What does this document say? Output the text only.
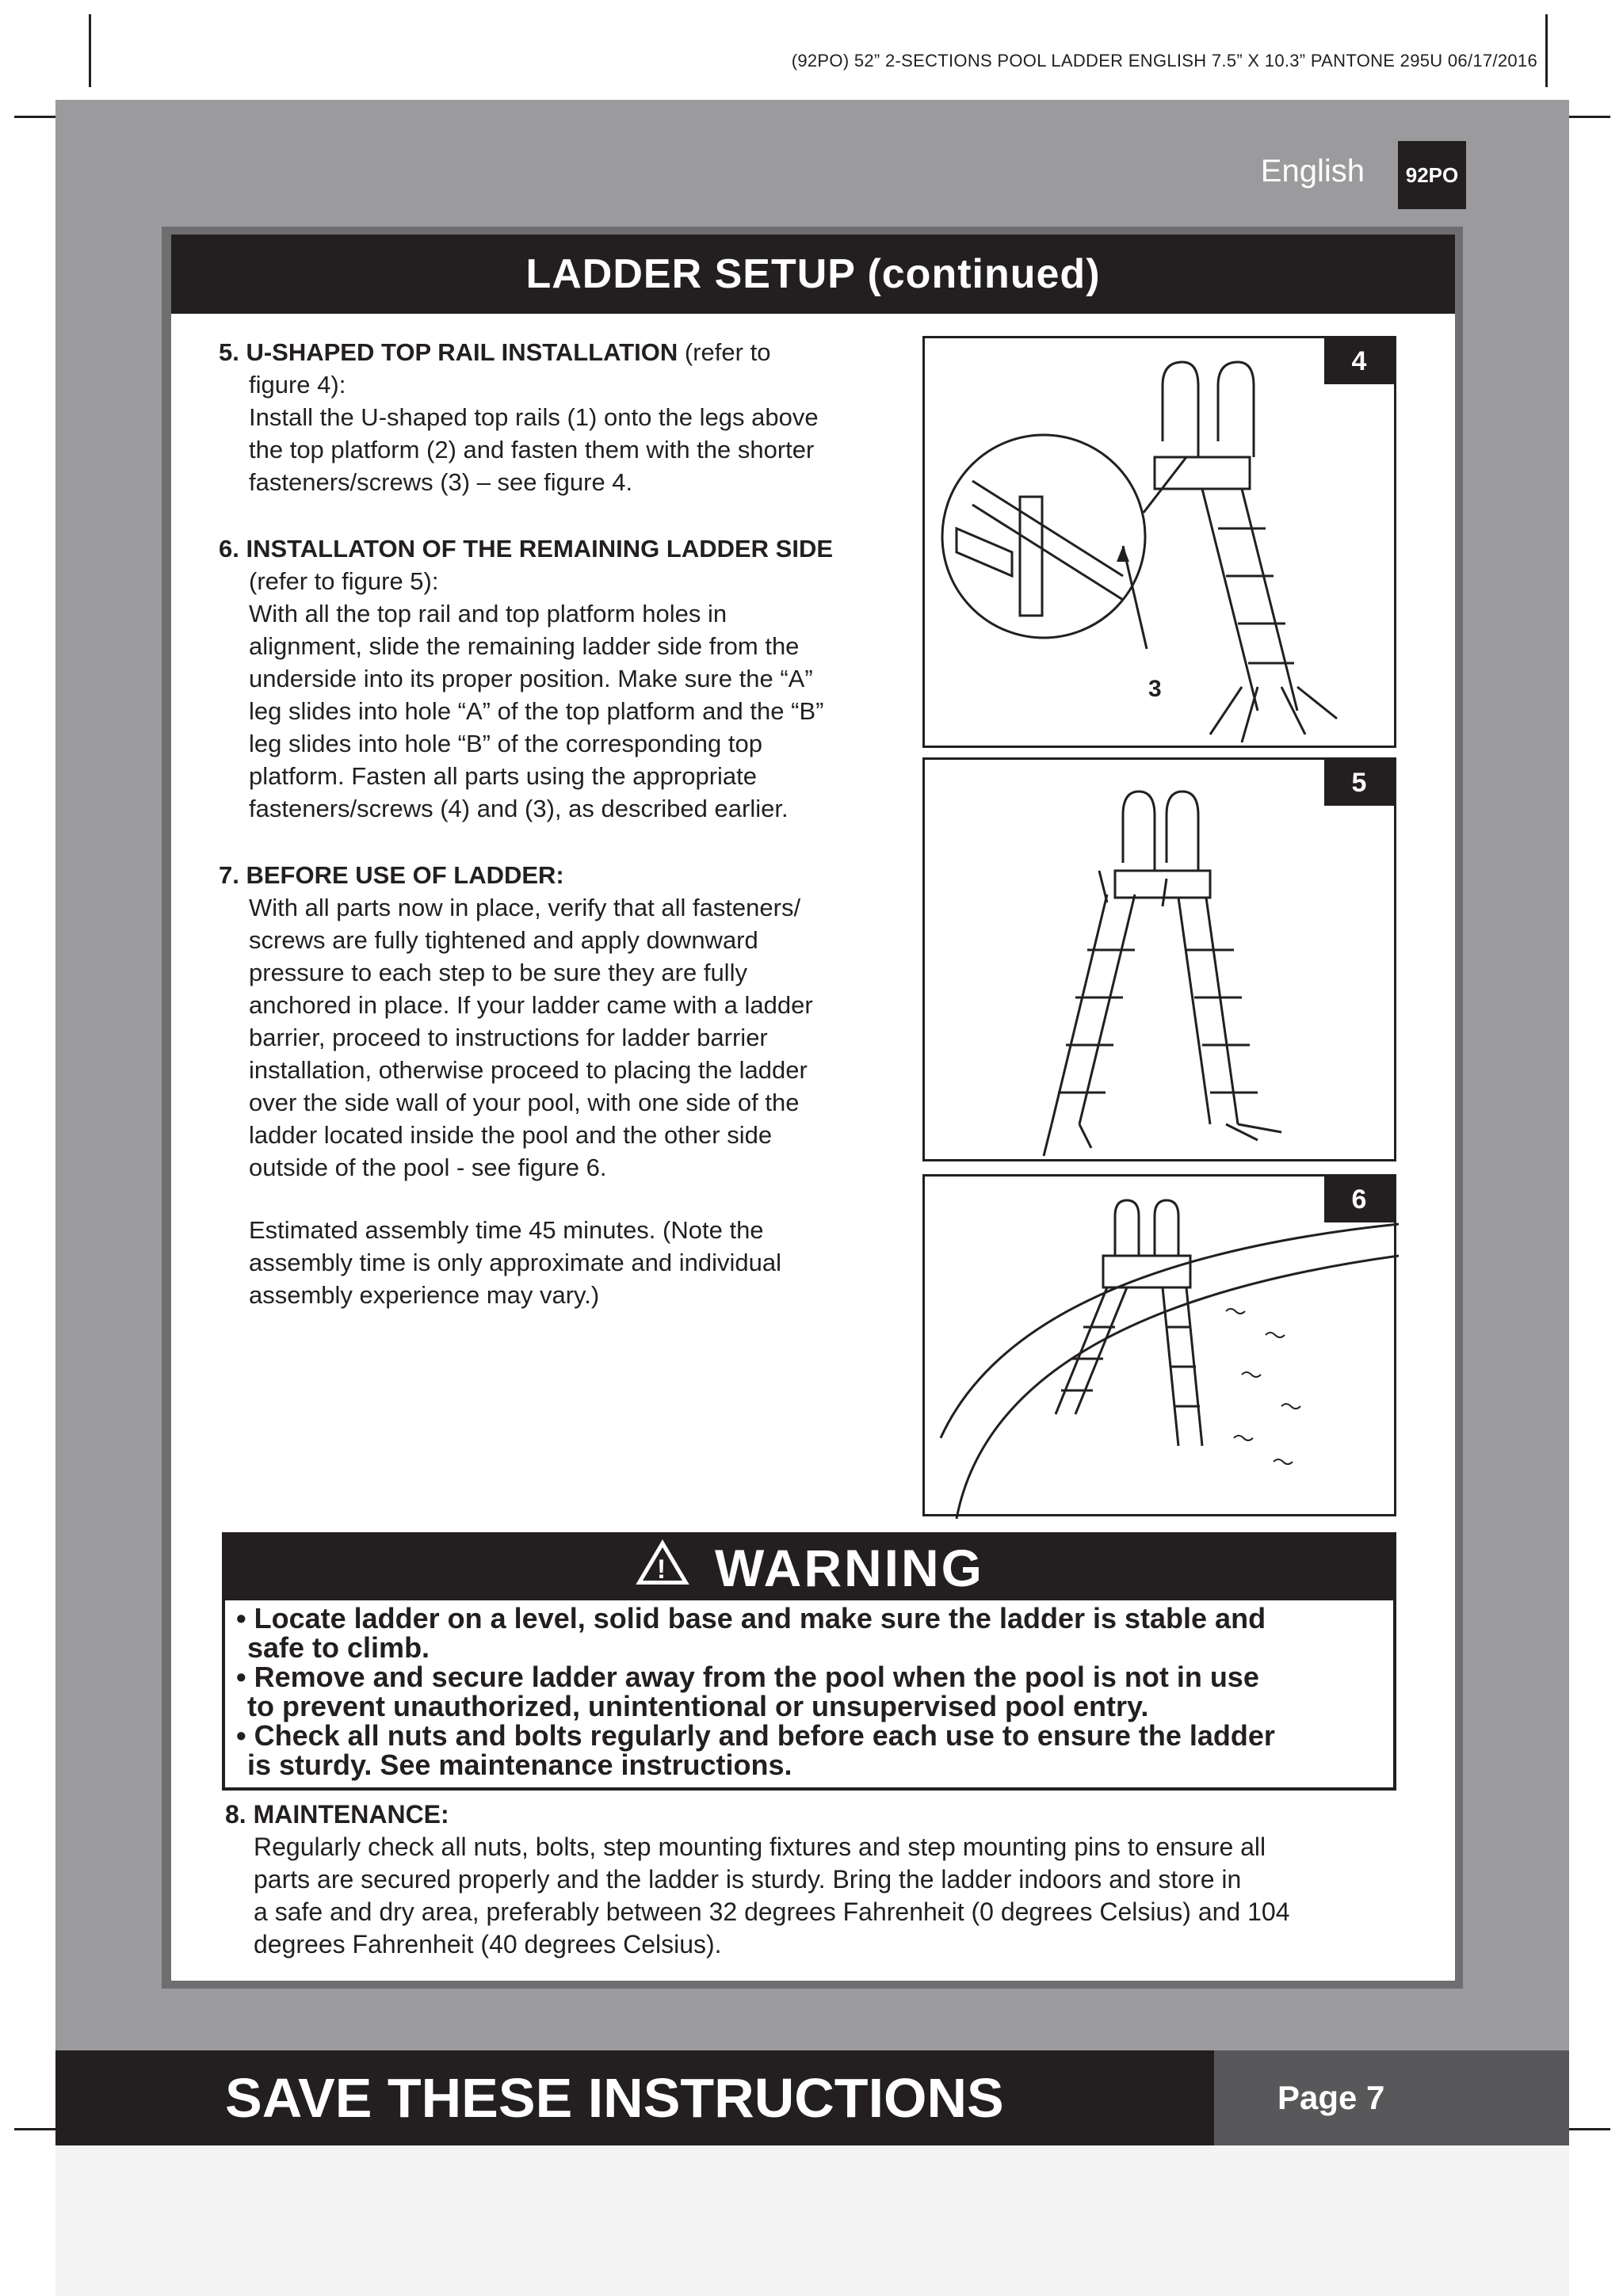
(92PO) 52” 2-SECTIONS POOL LADDER ENGLISH 7.5” X 10.3” PANTONE 295U 06/17/2016
English	92PO
LADDER SETUP (continued)
5. U-SHAPED TOP RAIL INSTALLATION (refer to
figure 4):
Install the U-shaped top rails (1) onto the legs above
the top platform (2) and fasten them with the shorter
fasteners/screws (3) – see figure 4.
6. INSTALLATON OF THE REMAINING LADDER SIDE
(refer to figure 5):
With all the top rail and top platform holes in
alignment, slide the remaining ladder side from the
underside into its proper position. Make sure the “A”
leg slides into hole “A” of the top platform and the “B”
leg slides into hole “B” of the corresponding top
platform. Fasten all parts using the appropriate
fasteners/screws (4) and (3), as described earlier.
7. BEFORE USE OF LADDER:
With all parts now in place, verify that all fasteners/
screws are fully tightened and apply downward
pressure to each step to be sure they are fully
anchored in place. If your ladder came with a ladder
barrier, proceed to instructions for ladder barrier
installation, otherwise proceed to placing the ladder
over the side wall of your pool, with one side of the
ladder located inside the pool and the other side
outside of the pool - see figure 6.
Estimated assembly time 45 minutes. (Note the
assembly time is only approximate and individual
assembly experience may vary.)
3
4
5
6
! WARNING
• Locate ladder on a level, solid base and make sure the ladder is stable and
safe to climb.
• Remove and secure ladder away from the pool when the pool is not in use
to prevent unauthorized, unintentional or unsupervised pool entry.
• Check all nuts and bolts regularly and before each use to ensure the ladder
is sturdy. See maintenance instructions.
8. MAINTENANCE:
Regularly check all nuts, bolts, step mounting fixtures and step mounting pins to ensure all
parts are secured properly and the ladder is sturdy. Bring the ladder indoors and store in
a safe and dry area, preferably between 32 degrees Fahrenheit (0 degrees Celsius) and 104
degrees Fahrenheit (40 degrees Celsius).
SAVE THESE INSTRUCTIONS	Page 7
